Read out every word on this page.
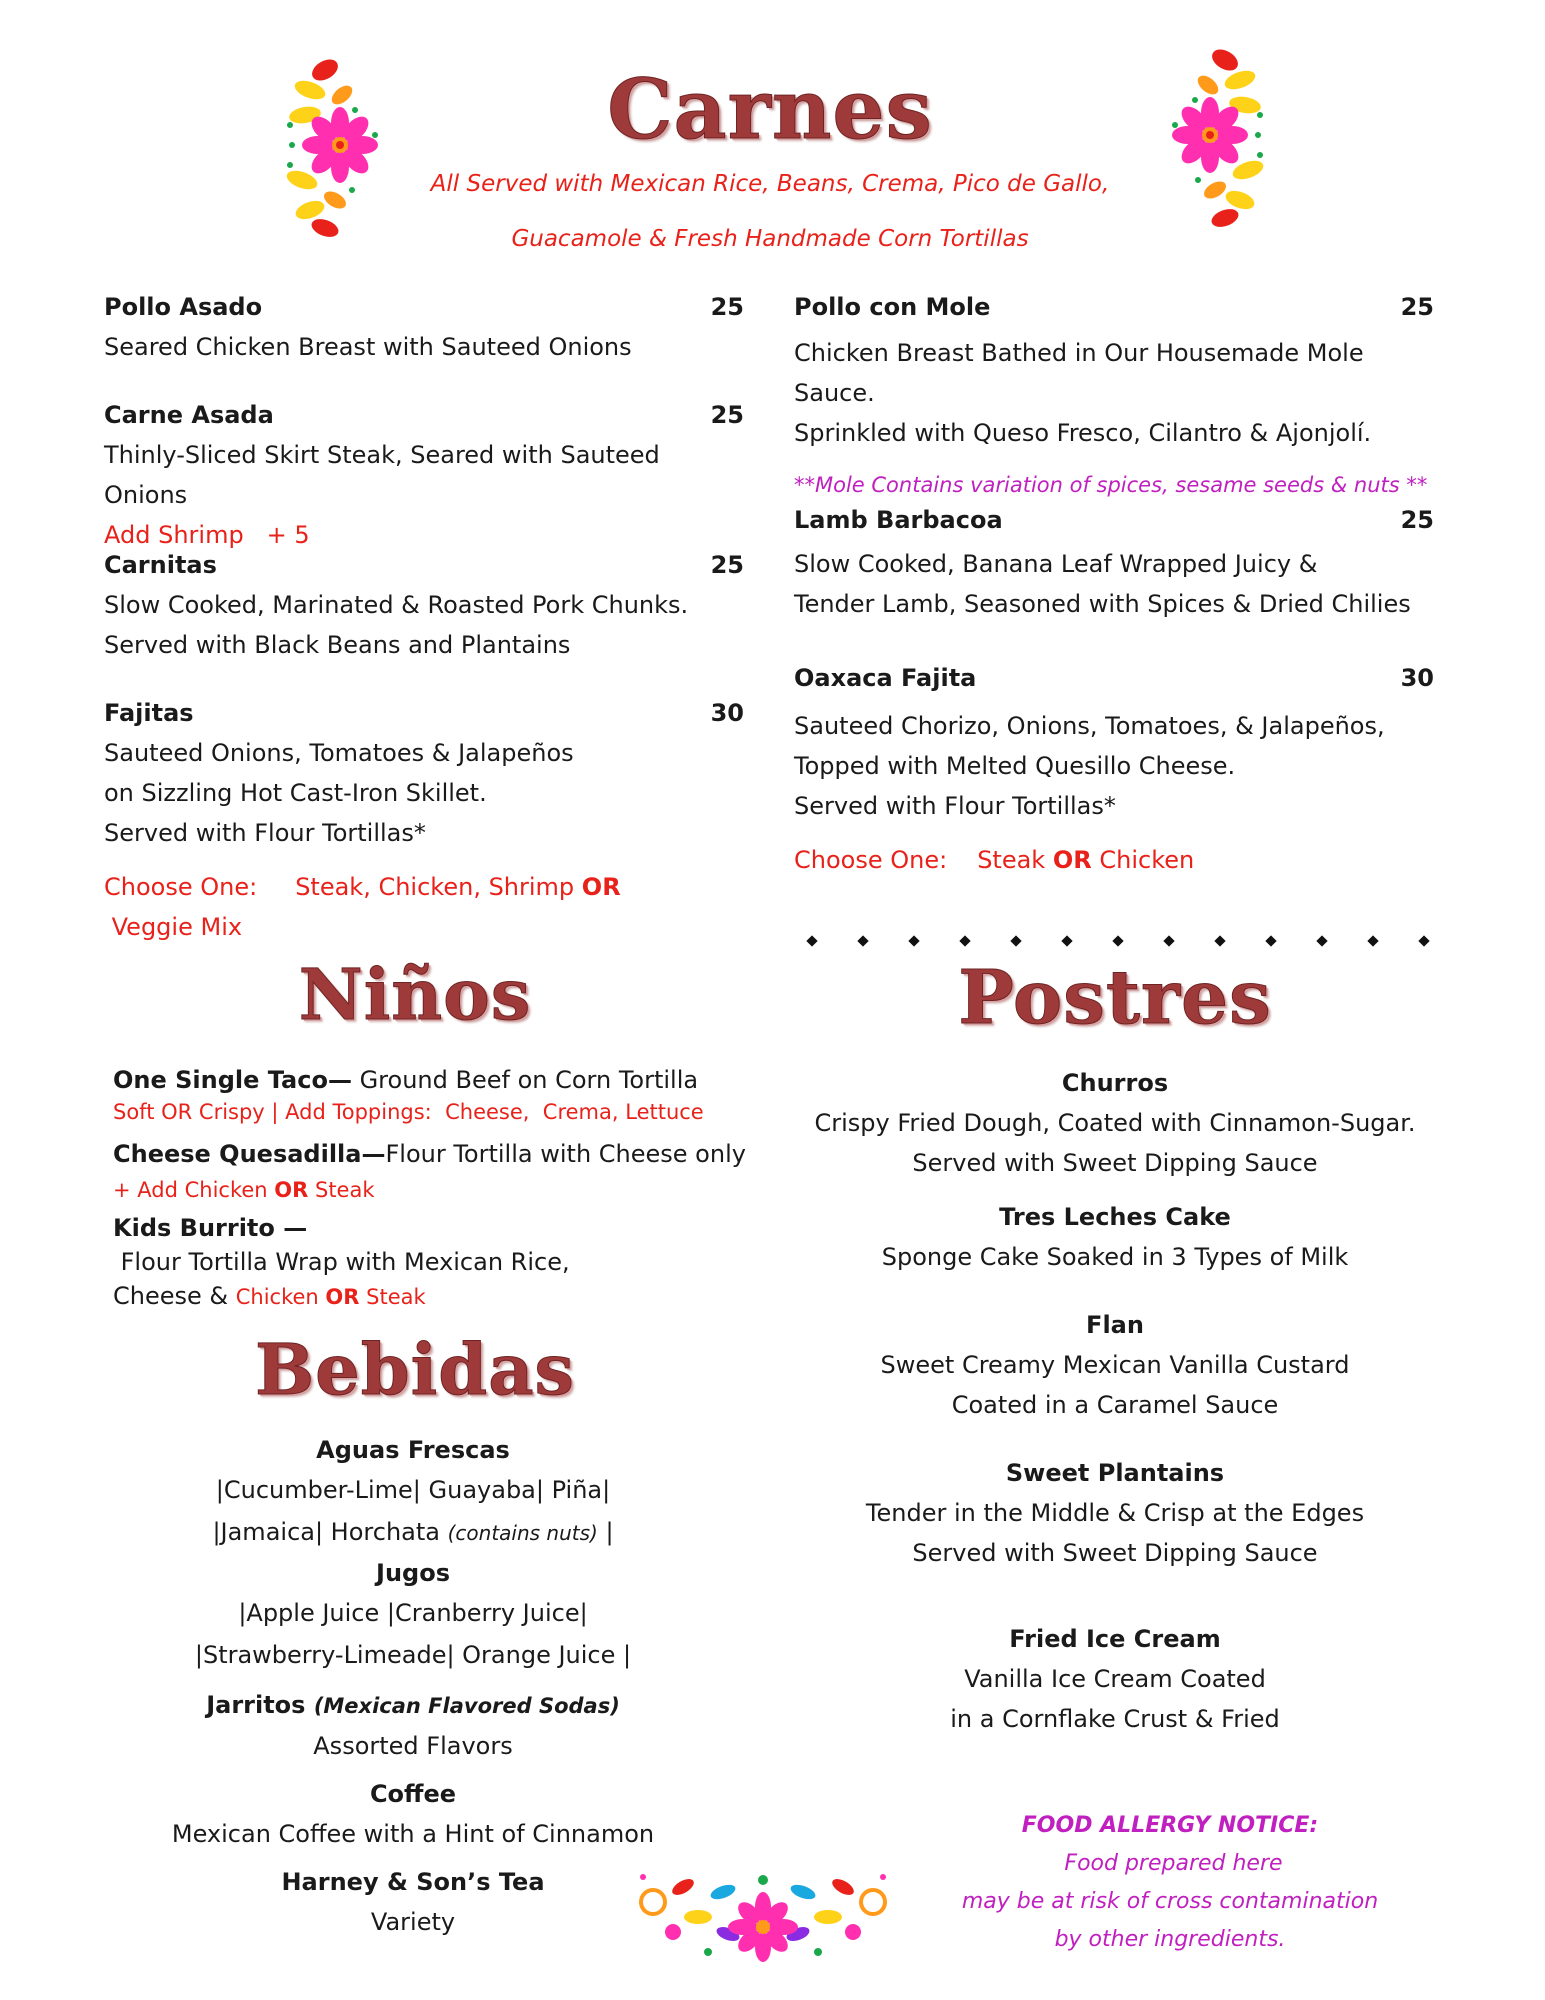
Carnes
All Served with Mexican Rice, Beans, Crema, Pico de Gallo,
Guacamole & Fresh Handmade Corn Tortillas
Pollo Asado	25
Seared Chicken Breast with Sauteed Onions
Carne Asada	25
Thinly-Sliced Skirt Steak, Seared with Sauteed Onions
Add Shrimp   + 5
Carnitas	25
Slow Cooked, Marinated & Roasted Pork Chunks.
Served with Black Beans and Plantains
Fajitas	30
Sauteed Onions, Tomatoes & Jalapeños
on Sizzling Hot Cast-Iron Skillet.
Served with Flour Tortillas*
Choose One: Steak, Chicken, Shrimp OR Veggie Mix
Pollo con Mole	25
Chicken Breast Bathed in Our Housemade Mole Sauce.
Sprinkled with Queso Fresco, Cilantro & Ajonjolí.
**Mole Contains variation of spices, sesame seeds & nuts **
Lamb Barbacoa	25
Slow Cooked, Banana Leaf Wrapped Juicy &
Tender Lamb, Seasoned with Spices & Dried Chilies
Oaxaca Fajita	30
Sauteed Chorizo, Onions, Tomatoes, & Jalapeños,
Topped with Melted Quesillo Cheese.
Served with Flour Tortillas*
Choose One: Steak OR Chicken
Niños
One Single Taco— Ground Beef on Corn Tortilla
Soft OR Crispy | Add Toppings:  Cheese,  Crema, Lettuce
Cheese Quesadilla—Flour Tortilla with Cheese only
+ Add Chicken OR Steak
Kids Burrito — Flour Tortilla Wrap with Mexican Rice,
Cheese & Chicken OR Steak
Bebidas
Aguas Frescas
|Cucumber-Lime| Guayaba| Piña|
|Jamaica| Horchata (contains nuts) |
Jugos
|Apple Juice |Cranberry Juice|
|Strawberry-Limeade| Orange Juice |
Jarritos (Mexican Flavored Sodas)
Assorted Flavors
Coffee
Mexican Coffee with a Hint of Cinnamon
Harney & Son’s Tea
Variety
Postres
Churros
Crispy Fried Dough, Coated with Cinnamon-Sugar.
Served with Sweet Dipping Sauce
Tres Leches Cake
Sponge Cake Soaked in 3 Types of Milk
Flan
Sweet Creamy Mexican Vanilla Custard
Coated in a Caramel Sauce
Sweet Plantains
Tender in the Middle & Crisp at the Edges
Served with Sweet Dipping Sauce
Fried Ice Cream
Vanilla Ice Cream Coated
in a Cornflake Crust & Fried
FOOD ALLERGY NOTICE: Food prepared here
may be at risk of cross contamination
by other ingredients.
